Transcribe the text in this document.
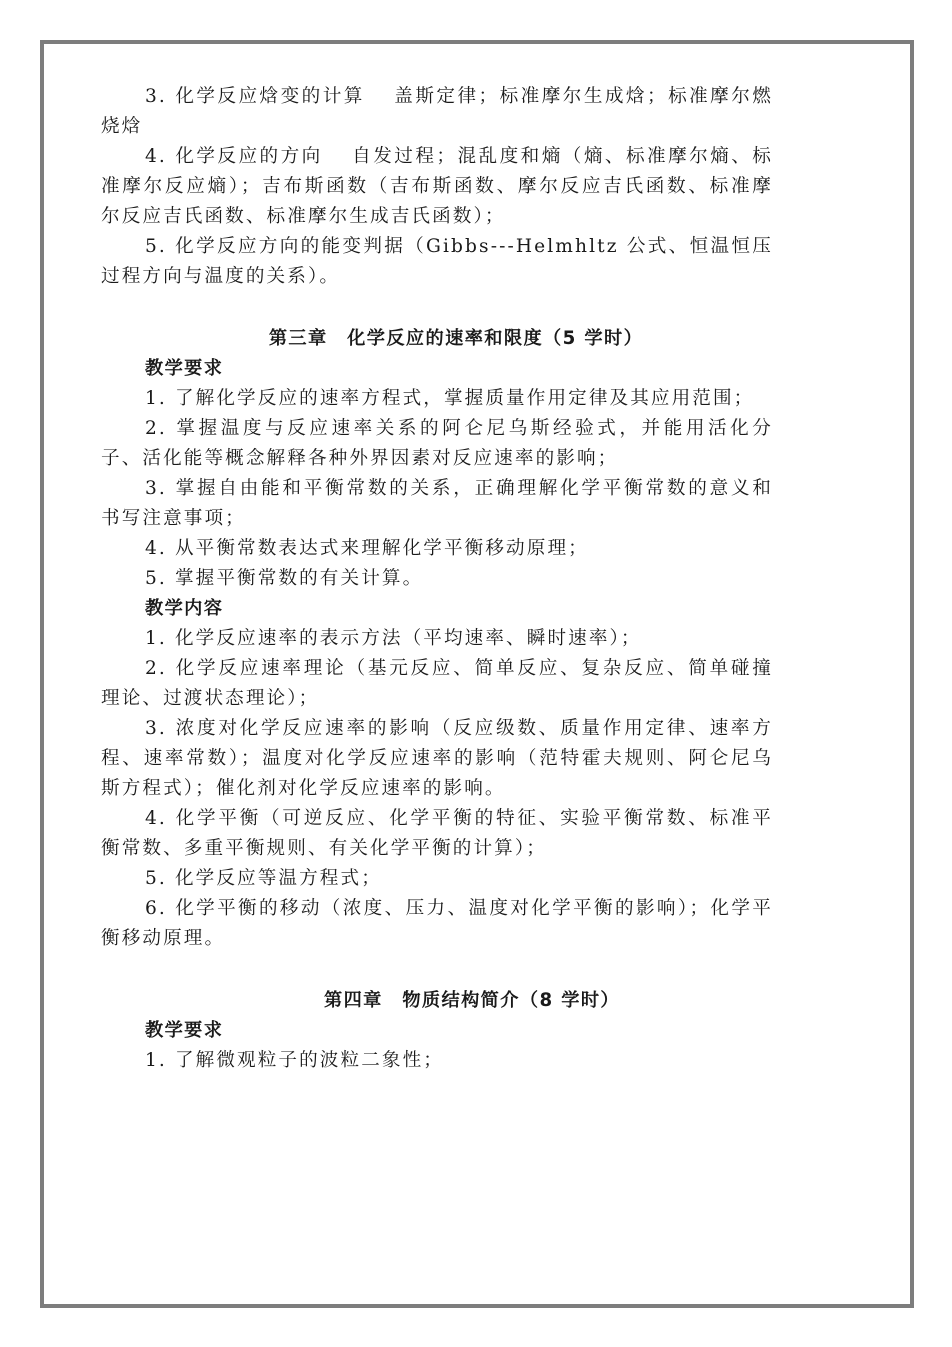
3. 化学反应焓变的计算　 盖斯定律；标准摩尔生成焓；标准摩尔燃烧焓

4. 化学反应的方向　 自发过程；混乱度和熵（熵、标准摩尔熵、标准摩尔反应熵）；吉布斯函数（吉布斯函数、摩尔反应吉氏函数、标准摩尔反应吉氏函数、标准摩尔生成吉氏函数）；

5. 化学反应方向的能变判据（Gibbs---Helmhltz 公式、恒温恒压过程方向与温度的关系）。

第三章　化学反应的速率和限度（5 学时）

教学要求

1. 了解化学反应的速率方程式，掌握质量作用定律及其应用范围；

2. 掌握温度与反应速率关系的阿仑尼乌斯经验式，并能用活化分子、活化能等概念解释各种外界因素对反应速率的影响；

3. 掌握自由能和平衡常数的关系，正确理解化学平衡常数的意义和书写注意事项；

4. 从平衡常数表达式来理解化学平衡移动原理；

5. 掌握平衡常数的有关计算。

教学内容

1. 化学反应速率的表示方法（平均速率、瞬时速率）；

2. 化学反应速率理论（基元反应、简单反应、复杂反应、简单碰撞理论、过渡状态理论）；

3. 浓度对化学反应速率的影响（反应级数、质量作用定律、速率方程、速率常数）；温度对化学反应速率的影响（范特霍夫规则、阿仑尼乌斯方程式）；催化剂对化学反应速率的影响。

4. 化学平衡（可逆反应、化学平衡的特征、实验平衡常数、标准平衡常数、多重平衡规则、有关化学平衡的计算）；

5. 化学反应等温方程式；

6. 化学平衡的移动（浓度、压力、温度对化学平衡的影响）；化学平衡移动原理。

第四章　物质结构简介（8 学时）

教学要求

1. 了解微观粒子的波粒二象性；
